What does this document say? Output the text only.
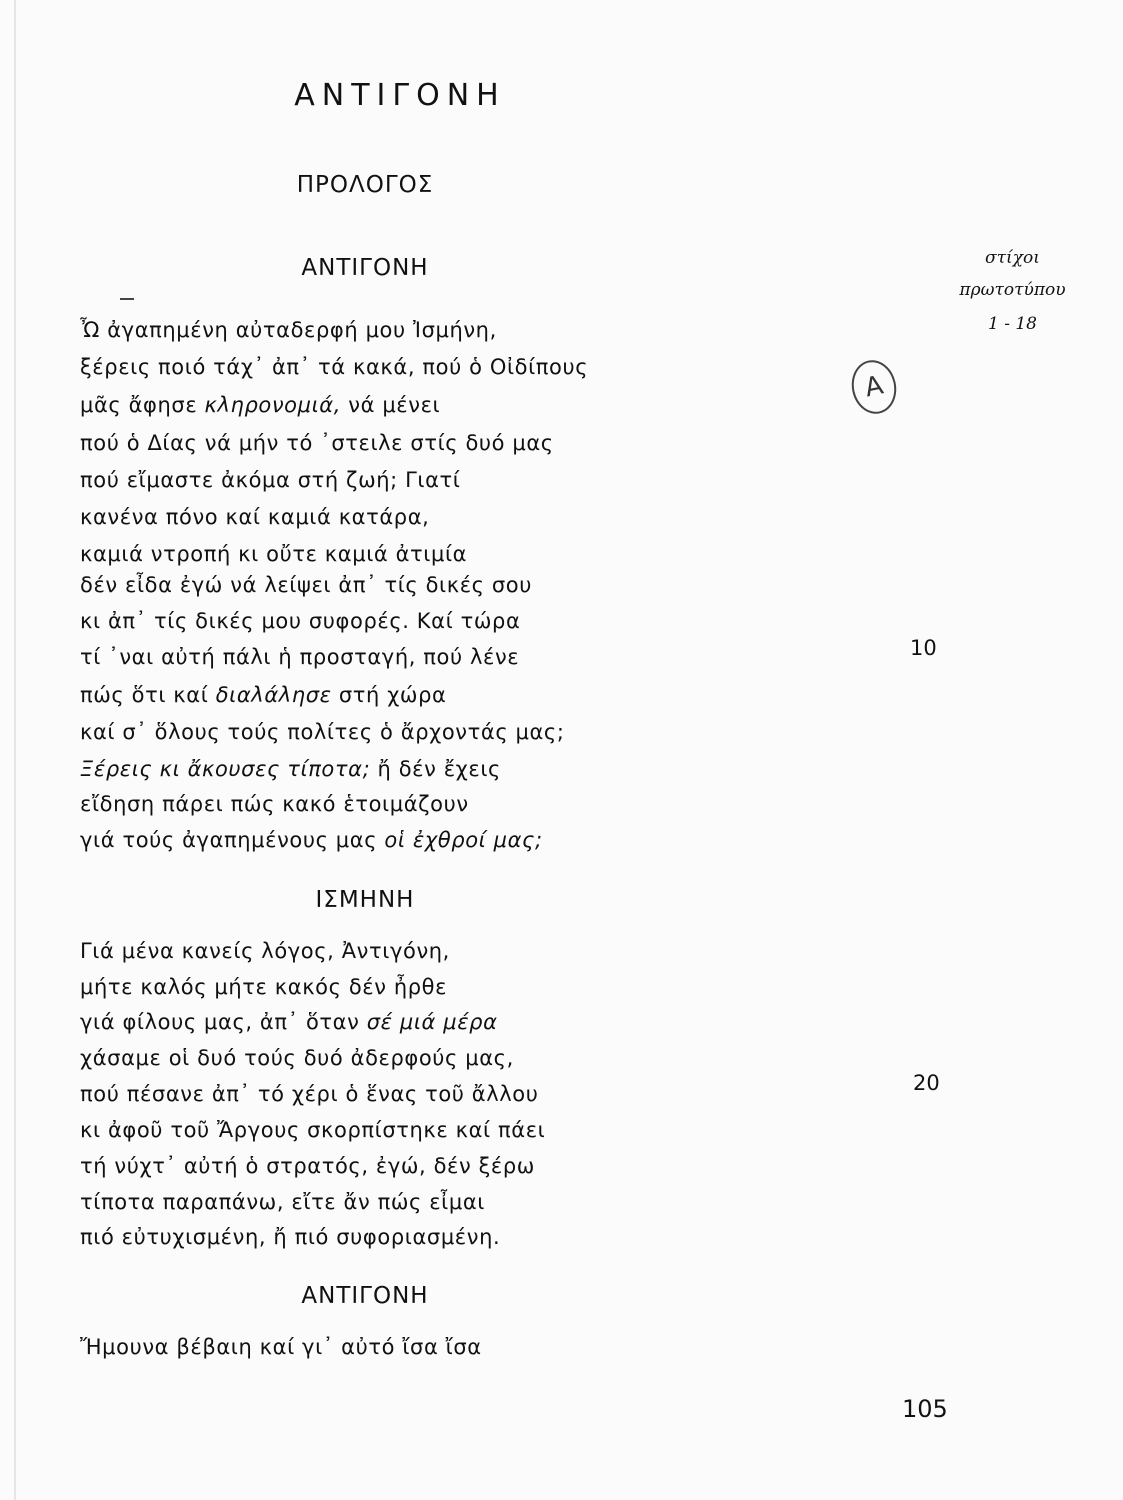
ΑΝΤΙΓΟΝΗ
ΠΡΟΛΟΓΟΣ
στίχοι
πρωτοτύπου
1 - 18
A
ΑΝΤΙΓΟΝΗ
Ὦ ἀγαπημένη αὐταδερφή μου Ἰσμήνη,
ξέρεις ποιό τάχ᾿ ἀπ᾿ τά κακά, πού ὁ Οἰδίπους
μᾶς ἄφησε κληρονομιά, νά μένει
πού ὁ Δίας νά μήν τό ᾿στειλε στίς δυό μας
πού εἴμαστε ἀκόμα στή ζωή; Γιατί
κανένα πόνο καί καμιά κατάρα,
καμιά ντροπή κι οὔτε καμιά ἀτιμία
δέν εἶδα ἐγώ νά λείψει ἀπ᾿ τίς δικές σου
κι ἀπ᾿ τίς δικές μου συφορές. Καί τώρα
τί ᾿ναι αὐτή πάλι ἡ προσταγή, πού λένε	10
πώς ὅτι καί διαλάλησε στή χώρα
καί σ᾿ ὅλους τούς πολίτες ὁ ἄρχοντάς μας;
Ξέρεις κι ἄκουσες τίποτα; ἤ δέν ἔχεις
εἴδηση πάρει πώς κακό ἑτοιμάζουν
γιά τούς ἀγαπημένους μας οἱ ἐχθροί μας;
ΙΣΜΗΝΗ
Γιά μένα κανείς λόγος, Ἀντιγόνη,
μήτε καλός μήτε κακός δέν ἦρθε
γιά φίλους μας, ἀπ᾿ ὅταν σέ μιά μέρα
χάσαμε οἱ δυό τούς δυό ἀδερφούς μας,
πού πέσανε ἀπ᾿ τό χέρι ὁ ἕνας τοῦ ἄλλου	20
κι ἀφοῦ τοῦ Ἄργους σκορπίστηκε καί πάει
τή νύχτ᾿ αὐτή ὁ στρατός, ἐγώ, δέν ξέρω
τίποτα παραπάνω, εἴτε ἄν πώς εἶμαι
πιό εὐτυχισμένη, ἤ πιό συφοριασμένη.
ΑΝΤΙΓΟΝΗ
Ἤμουνα βέβαιη καί γι᾿ αὐτό ἴσα ἴσα
105
